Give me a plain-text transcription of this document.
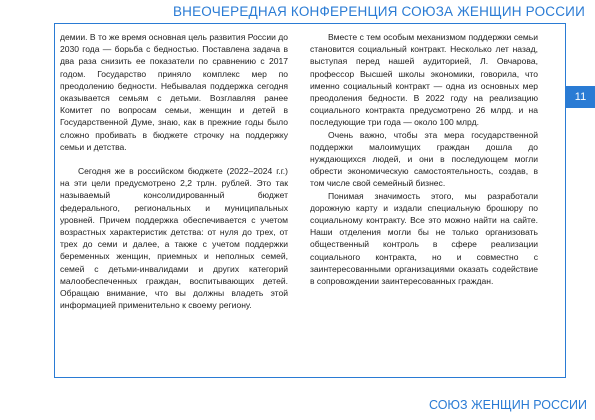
ВНЕОЧЕРЕДНАЯ КОНФЕРЕНЦИЯ СОЮЗА ЖЕНЩИН РОССИИ

демии. В то же время основная цель развития России до 2030 года — борьба с бедностью. Поставлена задача в два раза снизить ее показатели по сравнению с 2017 годом. Государство приняло комплекс мер по преодолению бедности. Небывалая поддержка сегодня оказывается семьям с детьми. Возглавляя ранее Комитет по вопросам семьи, женщин и детей в Государственной Думе, знаю, как в прежние годы было сложно пробивать в бюджете строчку на поддержку семьи и детства.

Сегодня же в российском бюджете (2022–2024 г.г.) на эти цели предусмотрено 2,2 трлн. рублей. Это так называемый консолидированный бюджет федерального, региональных и муниципальных уровней. Причем поддержка обеспечивается с учетом возрастных характеристик детства: от нуля до трех, от трех до семи и далее, а также с учетом поддержки беременных женщин, приемных и неполных семей, семей с детьми-инвалидами и других категорий малообеспеченных граждан, воспитывающих детей. Обращаю внимание, что вы должны владеть этой информацией применительно к своему региону.

Вместе с тем особым механизмом поддержки семьи становится социальный контракт. Несколько лет назад, выступая перед нашей аудиторией, Л. Овчарова, профессор Высшей школы экономики, говорила, что именно социальный контракт — одна из основных мер преодоления бедности. В 2022 году на реализацию социального контракта предусмотрено 26 млрд. и на последующие три года — около 100 млрд.

Очень важно, чтобы эта мера государственной поддержки малоимущих граждан дошла до нуждающихся людей, и они в последующем могли обрести экономическую самостоятельность, создав, в том числе свой семейный бизнес.

Понимая значимость этого, мы разработали дорожную карту и издали специальную брошюру по социальному контракту. Все это можно найти на сайте. Наши отделения могли бы не только организовать общественный контроль в сфере реализации социального контракта, но и совместно с заинтересованными организациями оказать содействие в сопровождении заинтересованных граждан.

11
СОЮЗ ЖЕНЩИН РОССИИ
